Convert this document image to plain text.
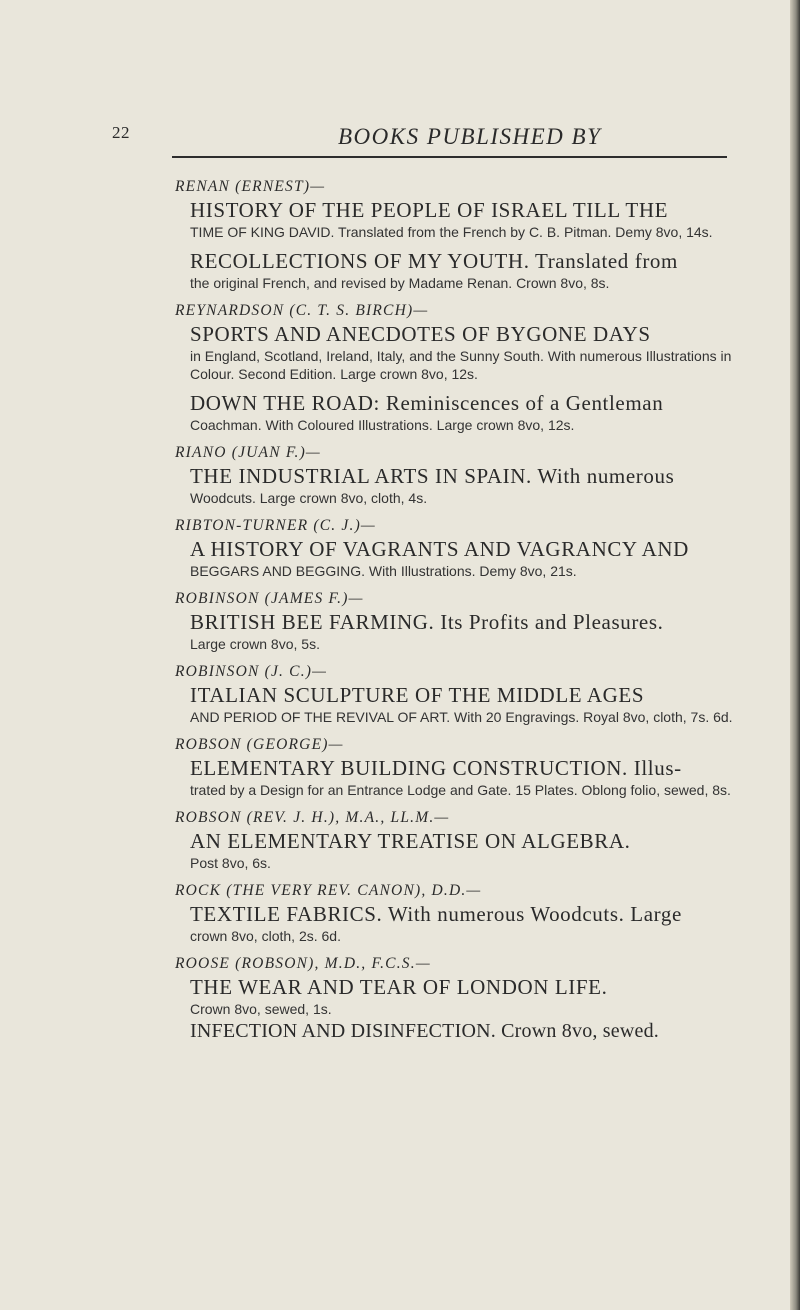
22	BOOKS PUBLISHED BY
RENAN (ERNEST)—
HISTORY OF THE PEOPLE OF ISRAEL TILL THE
TIME OF KING DAVID. Translated from the French by C. B. Pitman. Demy 8vo, 14s.
RECOLLECTIONS OF MY YOUTH. Translated from
the original French, and revised by Madame Renan. Crown 8vo, 8s.
REYNARDSON (C. T. S. BIRCH)—
SPORTS AND ANECDOTES OF BYGONE DAYS
in England, Scotland, Ireland, Italy, and the Sunny South. With numerous Illustrations in Colour. Second Edition. Large crown 8vo, 12s.
DOWN THE ROAD: Reminiscences of a Gentleman
Coachman. With Coloured Illustrations. Large crown 8vo, 12s.
RIANO (JUAN F.)—
THE INDUSTRIAL ARTS IN SPAIN. With numerous
Woodcuts. Large crown 8vo, cloth, 4s.
RIBTON-TURNER (C. J.)—
A HISTORY OF VAGRANTS AND VAGRANCY AND
BEGGARS AND BEGGING. With Illustrations. Demy 8vo, 21s.
ROBINSON (JAMES F.)—
BRITISH BEE FARMING. Its Profits and Pleasures.
Large crown 8vo, 5s.
ROBINSON (J. C.)—
ITALIAN SCULPTURE OF THE MIDDLE AGES
AND PERIOD OF THE REVIVAL OF ART. With 20 Engravings. Royal 8vo, cloth, 7s. 6d.
ROBSON (GEORGE)—
ELEMENTARY BUILDING CONSTRUCTION. Illus-
trated by a Design for an Entrance Lodge and Gate. 15 Plates. Oblong folio, sewed, 8s.
ROBSON (REV. J. H.), M.A., LL.M.—
AN ELEMENTARY TREATISE ON ALGEBRA.
Post 8vo, 6s.
ROCK (THE VERY REV. CANON), D.D.—
TEXTILE FABRICS. With numerous Woodcuts. Large
crown 8vo, cloth, 2s. 6d.
ROOSE (ROBSON), M.D., F.C.S.—
THE WEAR AND TEAR OF LONDON LIFE.
Crown 8vo, sewed, 1s.
INFECTION AND DISINFECTION. Crown 8vo, sewed.
